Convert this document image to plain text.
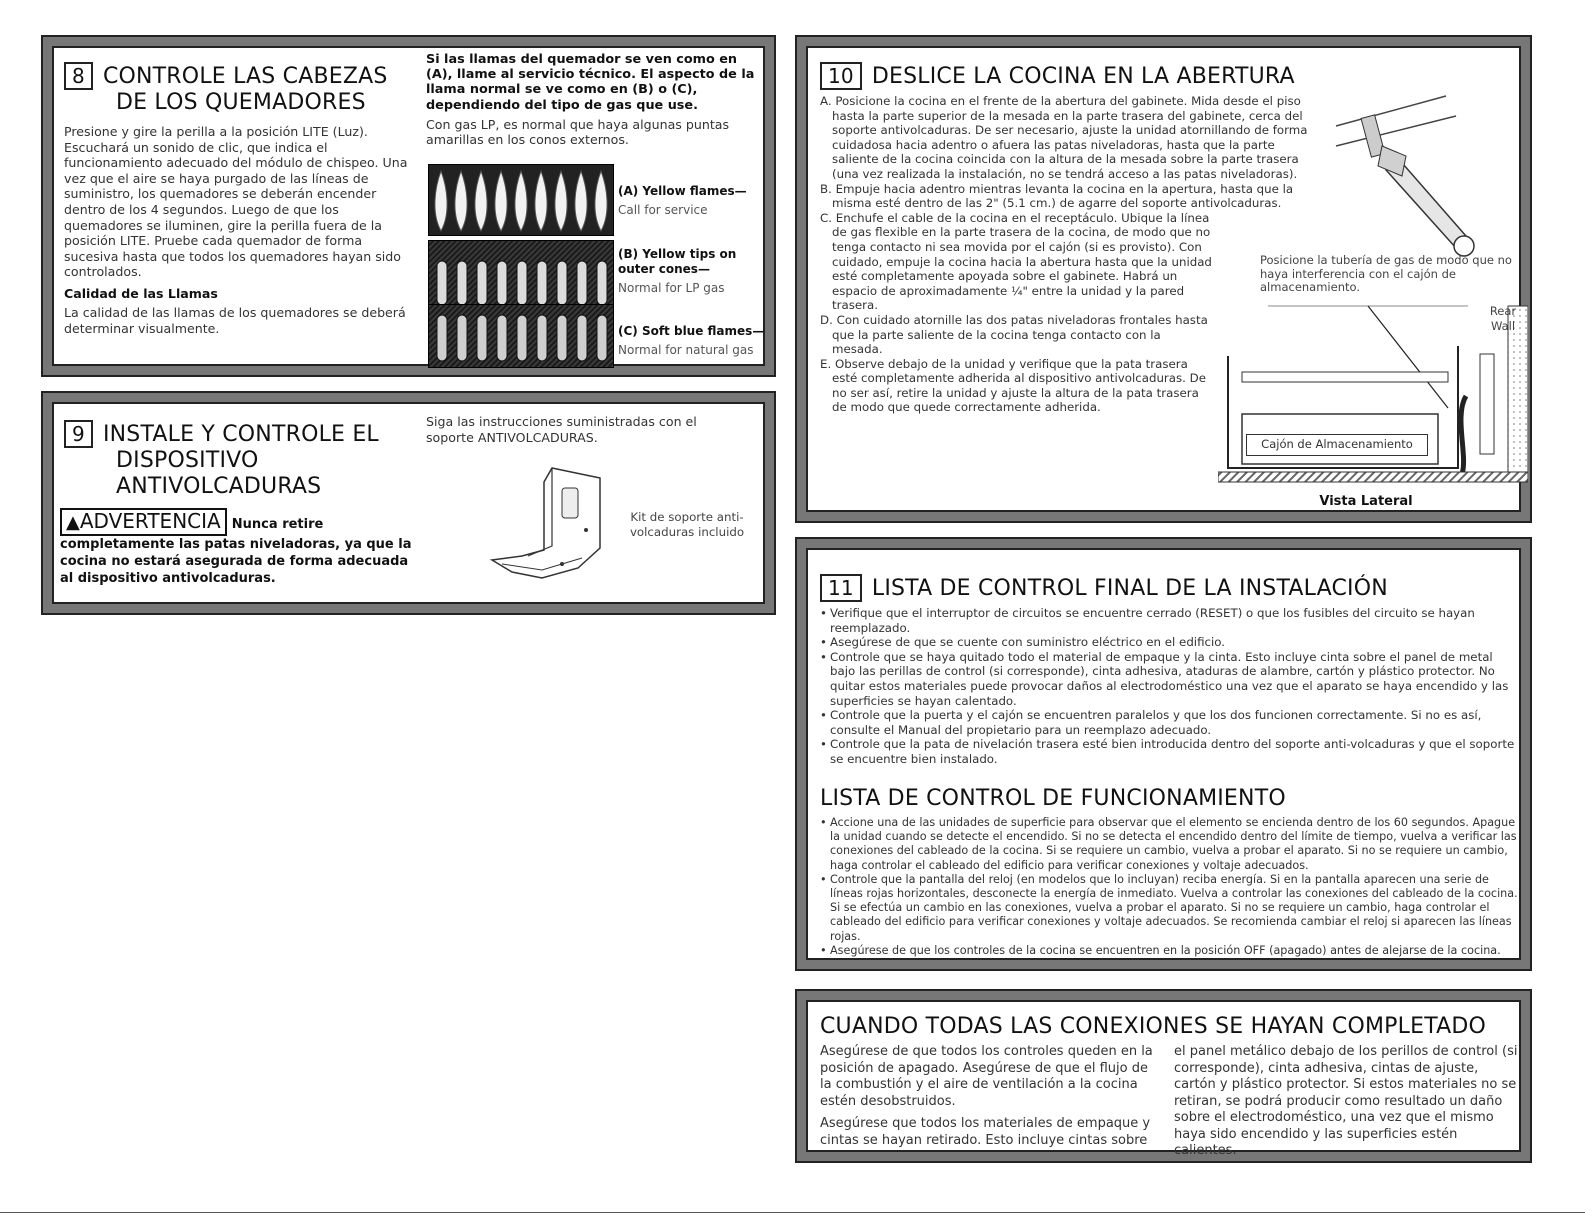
8 CONTROLE LAS CABEZAS
DE LOS QUEMADORES

Presione y gire la perilla a la posición LITE (Luz). Escuchará un sonido de clic, que indica el funcionamiento adecuado del módulo de chispeo. Una vez que el aire se haya purgado de las líneas de suministro, los quemadores se deberán encender dentro de los 4 segundos. Luego de que los quemadores se iluminen, gire la perilla fuera de la posición LITE. Pruebe cada quemador de forma sucesiva hasta que todos los quemadores hayan sido controlados.

Calidad de las Llamas

La calidad de las llamas de los quemadores se deberá determinar visualmente.

Si las llamas del quemador se ven como en (A), llame al servicio técnico. El aspecto de la llama normal se ve como en (B) o (C), dependiendo del tipo de gas que use.

Con gas LP, es normal que haya algunas puntas amarillas en los conos externos.

(A) Yellow flames—
Call for service
(B) Yellow tips on outer cones—
Normal for LP gas
(C) Soft blue flames—
Normal for natural gas
9 INSTALE Y CONTROLE EL
DISPOSITIVO
ANTIVOLCADURAS
▲ADVERTENCIA Nunca retire

completamente las patas niveladoras, ya que la cocina no estará asegurada de forma adecuada al dispositivo antivolcaduras.

Siga las instrucciones suministradas con el soporte ANTIVOLCADURAS.

Kit de soporte anti-volcaduras incluido
10 DESLICE LA COCINA EN LA ABERTURA
A. Posicione la cocina en el frente de la abertura del gabinete. Mida desde el piso hasta la parte superior de la mesada en la parte trasera del gabinete, cerca del soporte antivolcaduras. De ser necesario, ajuste la unidad atornillando de forma cuidadosa hacia adentro o afuera las patas niveladoras, hasta que la parte saliente de la cocina coincida con la altura de la mesada sobre la parte trasera (una vez realizada la instalación, no se tendrá acceso a las patas niveladoras).
B. Empuje hacia adentro mientras levanta la cocina en la apertura, hasta que la misma esté dentro de las 2" (5.1 cm.) de agarre del soporte antivolcaduras.
C. Enchufe el cable de la cocina en el receptáculo. Ubique la línea de gas flexible en la parte trasera de la cocina, de modo que no tenga contacto ni sea movida por el cajón (si es provisto). Con cuidado, empuje la cocina hacia la abertura hasta que la unidad esté completamente apoyada sobre el gabinete. Habrá un espacio de aproximadamente ¼" entre la unidad y la pared trasera.
D. Con cuidado atornille las dos patas niveladoras frontales hasta que la parte saliente de la cocina tenga contacto con la mesada.
E. Observe debajo de la unidad y verifique que la pata trasera esté completamente adherida al dispositivo antivolcaduras. De no ser así, retire la unidad y ajuste la altura de la pata trasera de modo que quede correctamente adherida.
Posicione la tubería de gas de modo que no haya interferencia con el cajón de almacenamiento.
Rear
Wall
Cajón de Almacenamiento
Vista Lateral
11 LISTA DE CONTROL FINAL DE LA INSTALACIÓN
• Verifique que el interruptor de circuitos se encuentre cerrado (RESET) o que los fusibles del circuito se hayan reemplazado.
• Asegúrese de que se cuente con suministro eléctrico en el edificio.
• Controle que se haya quitado todo el material de empaque y la cinta. Esto incluye cinta sobre el panel de metal bajo las perillas de control (si corresponde), cinta adhesiva, ataduras de alambre, cartón y plástico protector. No quitar estos materiales puede provocar daños al electrodoméstico una vez que el aparato se haya encendido y las superficies se hayan calentado.
• Controle que la puerta y el cajón se encuentren paralelos y que los dos funcionen correctamente. Si no es así, consulte el Manual del propietario para un reemplazo adecuado.
• Controle que la pata de nivelación trasera esté bien introducida dentro del soporte anti-volcaduras y que el soporte se encuentre bien instalado.
LISTA DE CONTROL DE FUNCIONAMIENTO
• Accione una de las unidades de superficie para observar que el elemento se encienda dentro de los 60 segundos. Apague la unidad cuando se detecte el encendido. Si no se detecta el encendido dentro del límite de tiempo, vuelva a verificar las conexiones del cableado de la cocina. Si se requiere un cambio, vuelva a probar el aparato. Si no se requiere un cambio, haga controlar el cableado del edificio para verificar conexiones y voltaje adecuados.
• Controle que la pantalla del reloj (en modelos que lo incluyan) reciba energía. Si en la pantalla aparecen una serie de líneas rojas horizontales, desconecte la energía de inmediato. Vuelva a controlar las conexiones del cableado de la cocina. Si se efectúa un cambio en las conexiones, vuelva a probar el aparato. Si no se requiere un cambio, haga controlar el cableado del edificio para verificar conexiones y voltaje adecuados. Se recomienda cambiar el reloj si aparecen las líneas rojas.
• Asegúrese de que los controles de la cocina se encuentren en la posición OFF (apagado) antes de alejarse de la cocina.
CUANDO TODAS LAS CONEXIONES SE HAYAN COMPLETADO

Asegúrese de que todos los controles queden en la posición de apagado. Asegúrese de que el flujo de la combustión y el aire de ventilación a la cocina estén desobstruidos.

Asegúrese que todos los materiales de empaque y cintas se hayan retirado. Esto incluye cintas sobre

el panel metálico debajo de los perillos de control (si corresponde), cinta adhesiva, cintas de ajuste, cartón y plástico protector. Si estos materiales no se retiran, se podrá producir como resultado un daño sobre el electrodoméstico, una vez que el mismo haya sido encendido y las superficies estén calientes.
